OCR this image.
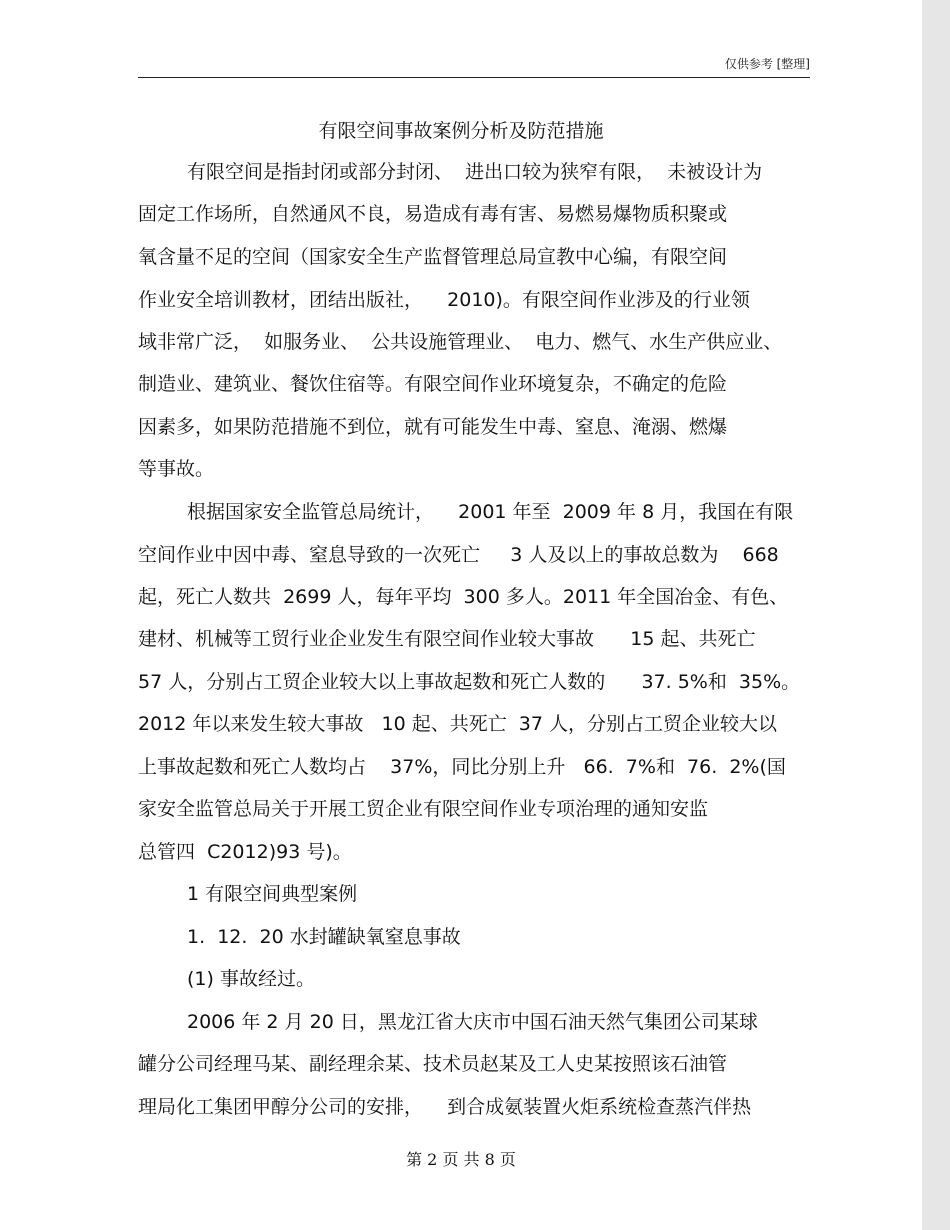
仅供参考 [整理]
有限空间事故案例分析及防范措施
有限空间是指封闭或部分封闭、  进出口较为狭窄有限，  未被设计为
固定工作场所，自然通风不良，易造成有毒有害、易燃易爆物质积聚或
氧含量不足的空间（国家安全生产监督管理总局宣教中心编，有限空间
作业安全培训教材，团结出版社，    2010)。有限空间作业涉及的行业领
域非常广泛，  如服务业、  公共设施管理业、  电力、燃气、水生产供应业、
制造业、建筑业、餐饮住宿等。有限空间作业环境复杂，不确定的危险
因素多，如果防范措施不到位，就有可能发生中毒、窒息、淹溺、燃爆
等事故。
根据国家安全监管总局统计，    2001 年至  2009 年 8 月，我国在有限
空间作业中因中毒、窒息导致的一次死亡     3 人及以上的事故总数为    668
起，死亡人数共  2699 人，每年平均  300 多人。2011 年全国冶金、有色、
建材、机械等工贸行业企业发生有限空间作业较大事故      15 起、共死亡
57 人，分别占工贸企业较大以上事故起数和死亡人数的      37. 5%和  35%。
2012 年以来发生较大事故   10 起、共死亡  37 人，分别占工贸企业较大以
上事故起数和死亡人数均占    37%，同比分别上升   66.  7%和  76.  2%(国
家安全监管总局关于开展工贸企业有限空间作业专项治理的通知安监
总管四  C2012)93 号)。
1 有限空间典型案例
1.  12.  20 水封罐缺氧窒息事故
(1) 事故经过。
2006 年 2 月 20 日，黑龙江省大庆市中国石油天然气集团公司某球
罐分公司经理马某、副经理余某、技术员赵某及工人史某按照该石油管
理局化工集团甲醇分公司的安排，    到合成氨装置火炬系统检查蒸汽伴热
第 2 页 共 8 页
